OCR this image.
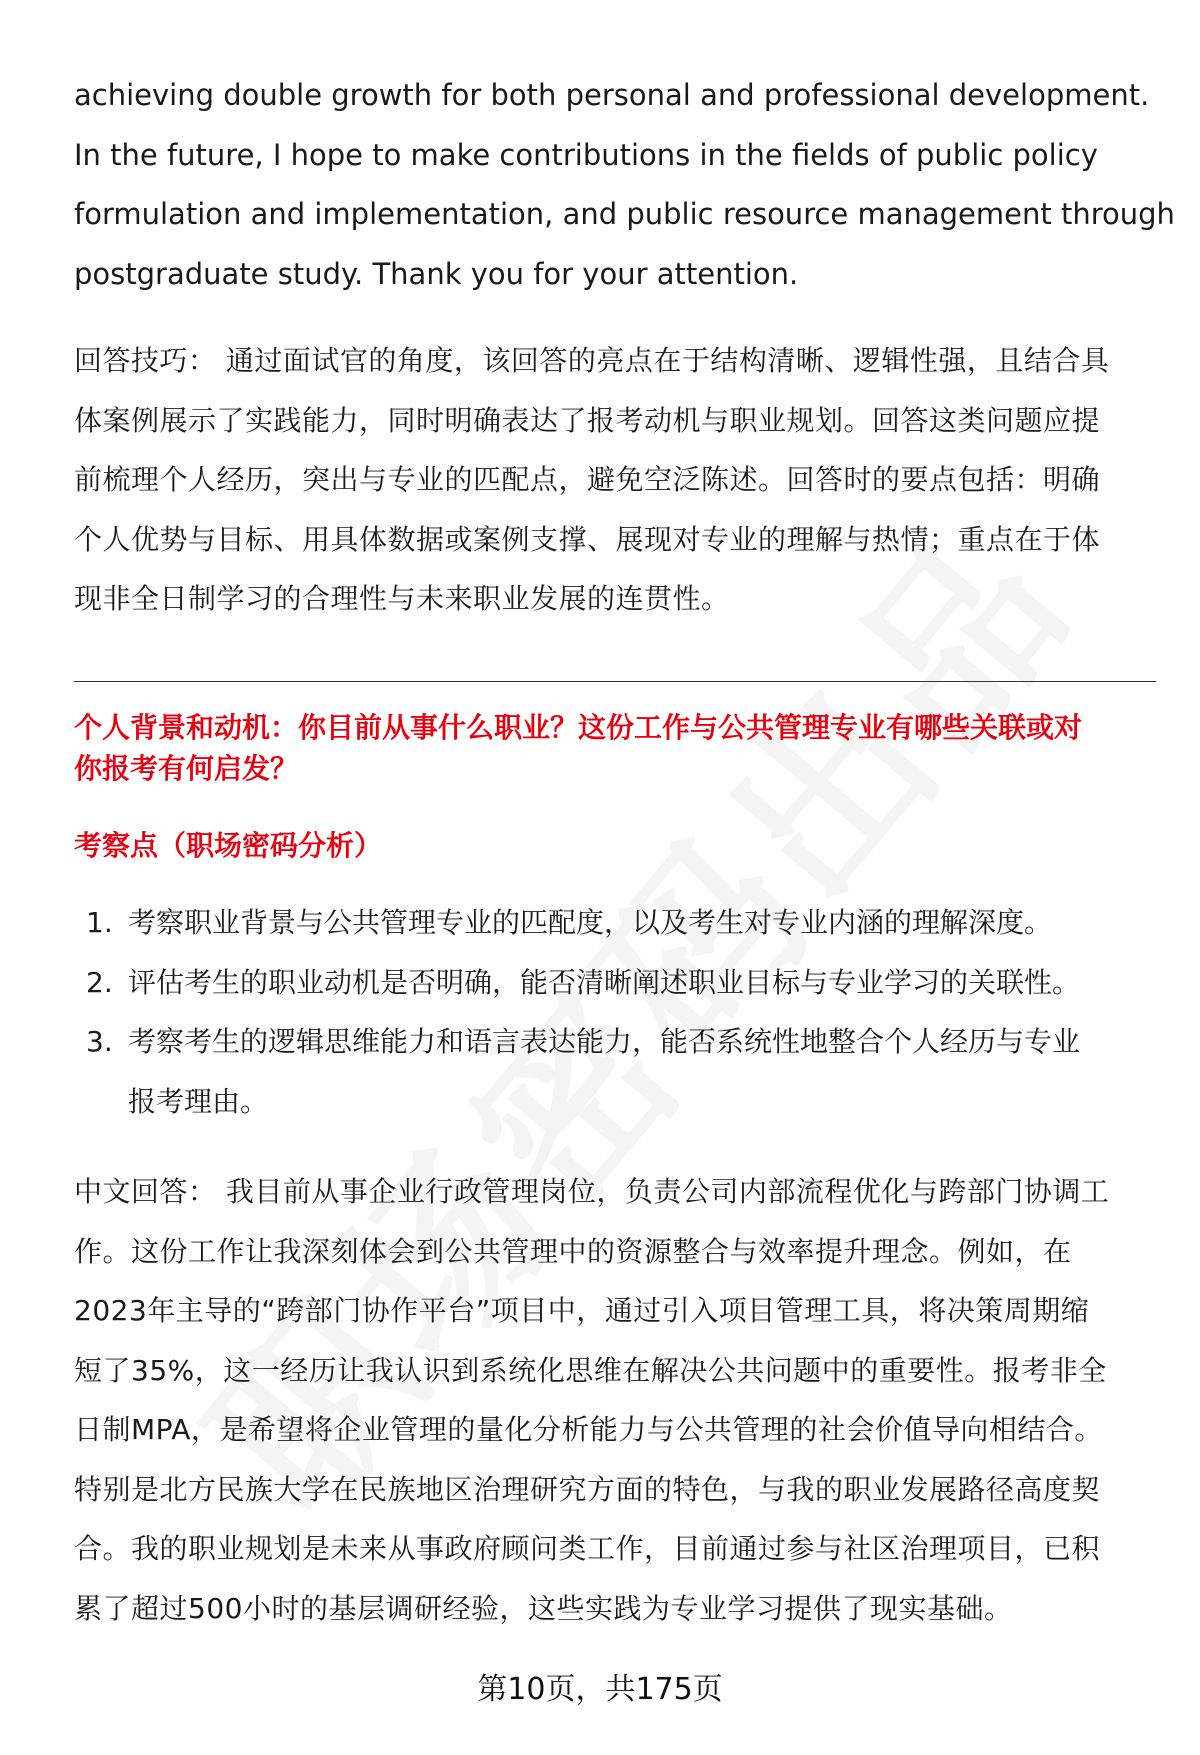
achieving double growth for both personal and professional development.
In the future, I hope to make contributions in the fields of public policy
formulation and implementation, and public resource management through
postgraduate study. Thank you for your attention.

回答技巧： 通过面试官的角度，该回答的亮点在于结构清晰、逻辑性强，且结合具
体案例展示了实践能力，同时明确表达了报考动机与职业规划。回答这类问题应提
前梳理个人经历，突出与专业的匹配点，避免空泛陈述。回答时的要点包括：明确
个人优势与目标、用具体数据或案例支撑、展现对专业的理解与热情；重点在于体
现非全日制学习的合理性与未来职业发展的连贯性。

个人背景和动机：你目前从事什么职业？这份工作与公共管理专业有哪些关联或对
你报考有何启发？
考察点（职场密码分析）
1. 考察职业背景与公共管理专业的匹配度，以及考生对专业内涵的理解深度。
2. 评估考生的职业动机是否明确，能否清晰阐述职业目标与专业学习的关联性。
3. 考察考生的逻辑思维能力和语言表达能力，能否系统性地整合个人经历与专业
报考理由。

中文回答： 我目前从事企业行政管理岗位，负责公司内部流程优化与跨部门协调工
作。这份工作让我深刻体会到公共管理中的资源整合与效率提升理念。例如，在
2023年主导的“跨部门协作平台”项目中，通过引入项目管理工具，将决策周期缩
短了35%，这一经历让我认识到系统化思维在解决公共问题中的重要性。报考非全
日制MPA，是希望将企业管理的量化分析能力与公共管理的社会价值导向相结合。
特别是北方民族大学在民族地区治理研究方面的特色，与我的职业发展路径高度契
合。我的职业规划是未来从事政府顾问类工作，目前通过参与社区治理项目，已积
累了超过500小时的基层调研经验，这些实践为专业学习提供了现实基础。

第10页，共175页
